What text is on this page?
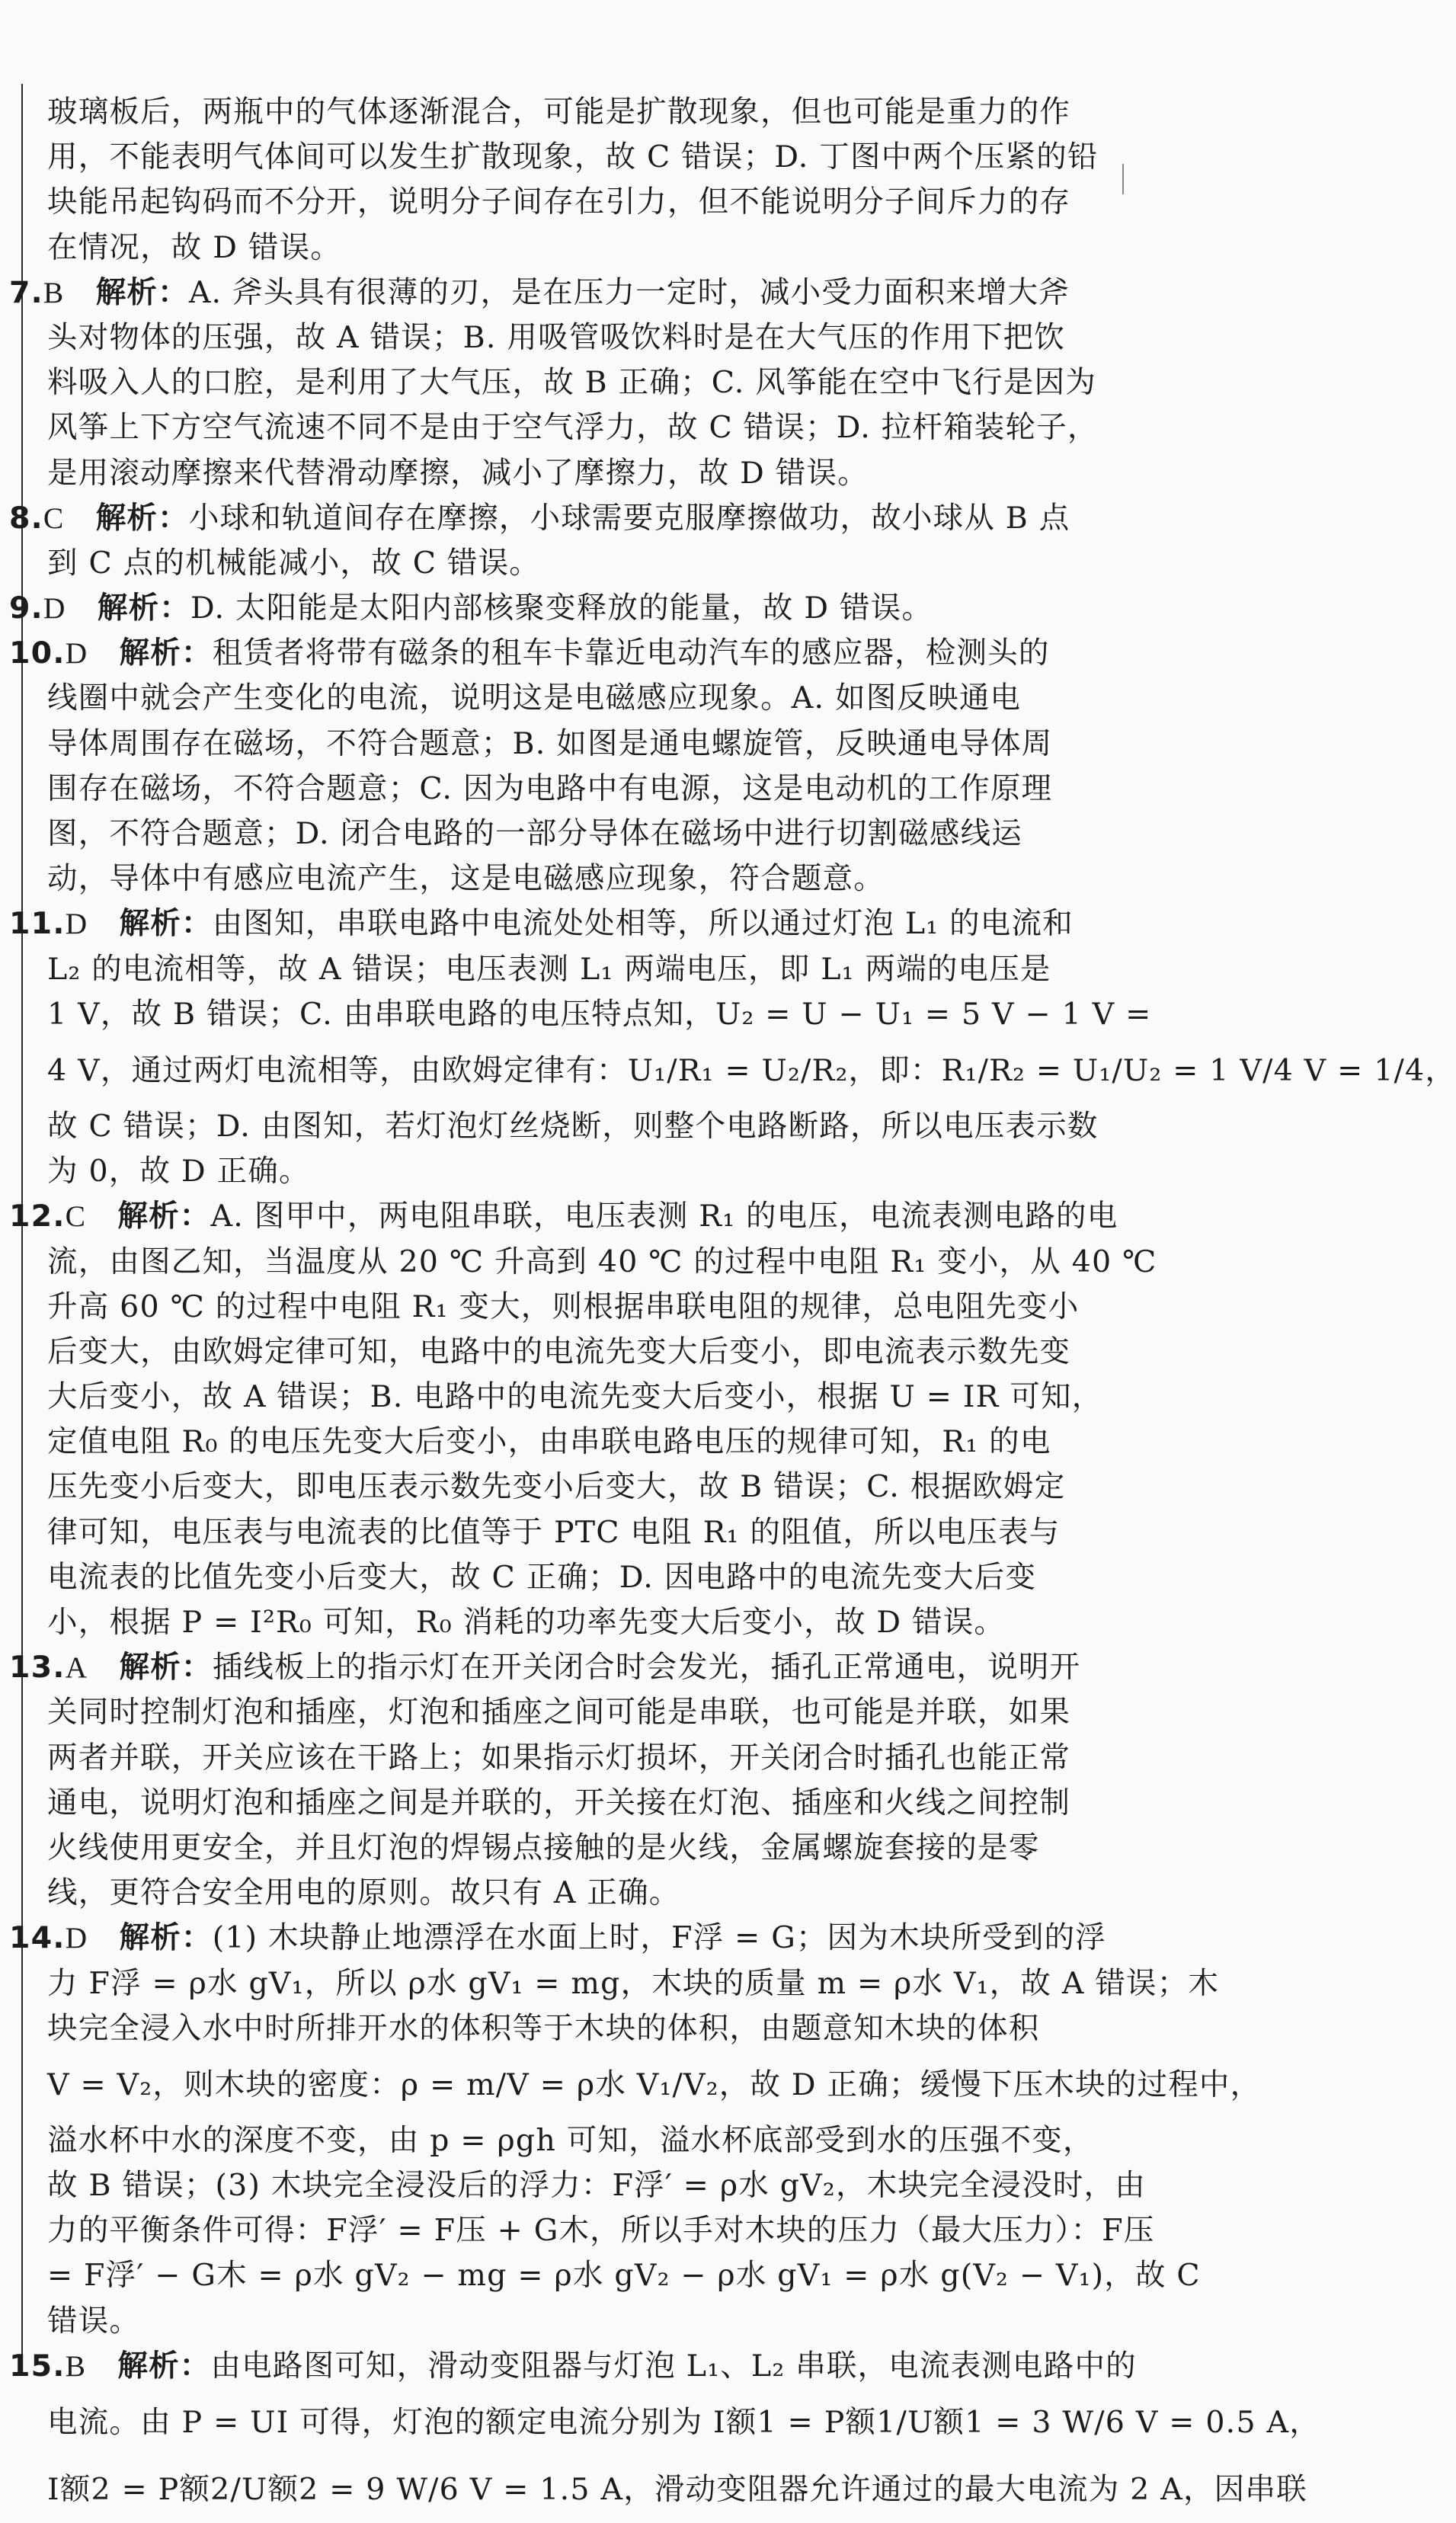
玻璃板后，两瓶中的气体逐渐混合，可能是扩散现象，但也可能是重力的作
用，不能表明气体间可以发生扩散现象，故 C 错误；D. 丁图中两个压紧的铅
块能吊起钩码而不分开，说明分子间存在引力，但不能说明分子间斥力的存
在情况，故 D 错误。
7.B 解析：A. 斧头具有很薄的刃，是在压力一定时，减小受力面积来增大斧
头对物体的压强，故 A 错误；B. 用吸管吸饮料时是在大气压的作用下把饮
料吸入人的口腔，是利用了大气压，故 B 正确；C. 风筝能在空中飞行是因为
风筝上下方空气流速不同不是由于空气浮力，故 C 错误；D. 拉杆箱装轮子，
是用滚动摩擦来代替滑动摩擦，减小了摩擦力，故 D 错误。
8.C 解析：小球和轨道间存在摩擦，小球需要克服摩擦做功，故小球从 B 点
到 C 点的机械能减小，故 C 错误。
9.D 解析：D. 太阳能是太阳内部核聚变释放的能量，故 D 错误。
10.D 解析：租赁者将带有磁条的租车卡靠近电动汽车的感应器，检测头的
线圈中就会产生变化的电流，说明这是电磁感应现象。A. 如图反映通电
导体周围存在磁场，不符合题意；B. 如图是通电螺旋管，反映通电导体周
围存在磁场，不符合题意；C. 因为电路中有电源，这是电动机的工作原理
图，不符合题意；D. 闭合电路的一部分导体在磁场中进行切割磁感线运
动，导体中有感应电流产生，这是电磁感应现象，符合题意。
11.D 解析：由图知，串联电路中电流处处相等，所以通过灯泡 L₁ 的电流和
L₂ 的电流相等，故 A 错误；电压表测 L₁ 两端电压，即 L₁ 两端的电压是
1 V，故 B 错误；C. 由串联电路的电压特点知，U₂ = U − U₁ = 5 V − 1 V =
4 V，通过两灯电流相等，由欧姆定律有：U₁/R₁ = U₂/R₂，即：R₁/R₂ = U₁/U₂ = 1 V/4 V = 1/4，
故 C 错误；D. 由图知，若灯泡灯丝烧断，则整个电路断路，所以电压表示数
为 0，故 D 正确。
12.C 解析：A. 图甲中，两电阻串联，电压表测 R₁ 的电压，电流表测电路的电
流，由图乙知，当温度从 20 ℃ 升高到 40 ℃ 的过程中电阻 R₁ 变小，从 40 ℃
升高 60 ℃ 的过程中电阻 R₁ 变大，则根据串联电阻的规律，总电阻先变小
后变大，由欧姆定律可知，电路中的电流先变大后变小，即电流表示数先变
大后变小，故 A 错误；B. 电路中的电流先变大后变小，根据 U = IR 可知，
定值电阻 R₀ 的电压先变大后变小，由串联电路电压的规律可知，R₁ 的电
压先变小后变大，即电压表示数先变小后变大，故 B 错误；C. 根据欧姆定
律可知，电压表与电流表的比值等于 PTC 电阻 R₁ 的阻值，所以电压表与
电流表的比值先变小后变大，故 C 正确；D. 因电路中的电流先变大后变
小，根据 P = I²R₀ 可知，R₀ 消耗的功率先变大后变小，故 D 错误。
13.A 解析：插线板上的指示灯在开关闭合时会发光，插孔正常通电，说明开
关同时控制灯泡和插座，灯泡和插座之间可能是串联，也可能是并联，如果
两者并联，开关应该在干路上；如果指示灯损坏，开关闭合时插孔也能正常
通电，说明灯泡和插座之间是并联的，开关接在灯泡、插座和火线之间控制
火线使用更安全，并且灯泡的焊锡点接触的是火线，金属螺旋套接的是零
线，更符合安全用电的原则。故只有 A 正确。
14.D 解析：(1) 木块静止地漂浮在水面上时，F浮 = G；因为木块所受到的浮
力 F浮 = ρ水 gV₁，所以 ρ水 gV₁ = mg，木块的质量 m = ρ水 V₁，故 A 错误；木
块完全浸入水中时所排开水的体积等于木块的体积，由题意知木块的体积
V = V₂，则木块的密度：ρ = m/V = ρ水 V₁/V₂，故 D 正确；缓慢下压木块的过程中，
溢水杯中水的深度不变，由 p = ρgh 可知，溢水杯底部受到水的压强不变，
故 B 错误；(3) 木块完全浸没后的浮力：F浮′ = ρ水 gV₂，木块完全浸没时，由
力的平衡条件可得：F浮′ = F压 + G木，所以手对木块的压力（最大压力）：F压
= F浮′ − G木 = ρ水 gV₂ − mg = ρ水 gV₂ − ρ水 gV₁ = ρ水 g(V₂ − V₁)，故 C
错误。
15.B 解析：由电路图可知，滑动变阻器与灯泡 L₁、L₂ 串联，电流表测电路中的
电流。由 P = UI 可得，灯泡的额定电流分别为 I额1 = P额1/U额1 = 3 W/6 V = 0.5 A，
I额2 = P额2/U额2 = 9 W/6 V = 1.5 A，滑动变阻器允许通过的最大电流为 2 A，因串联
